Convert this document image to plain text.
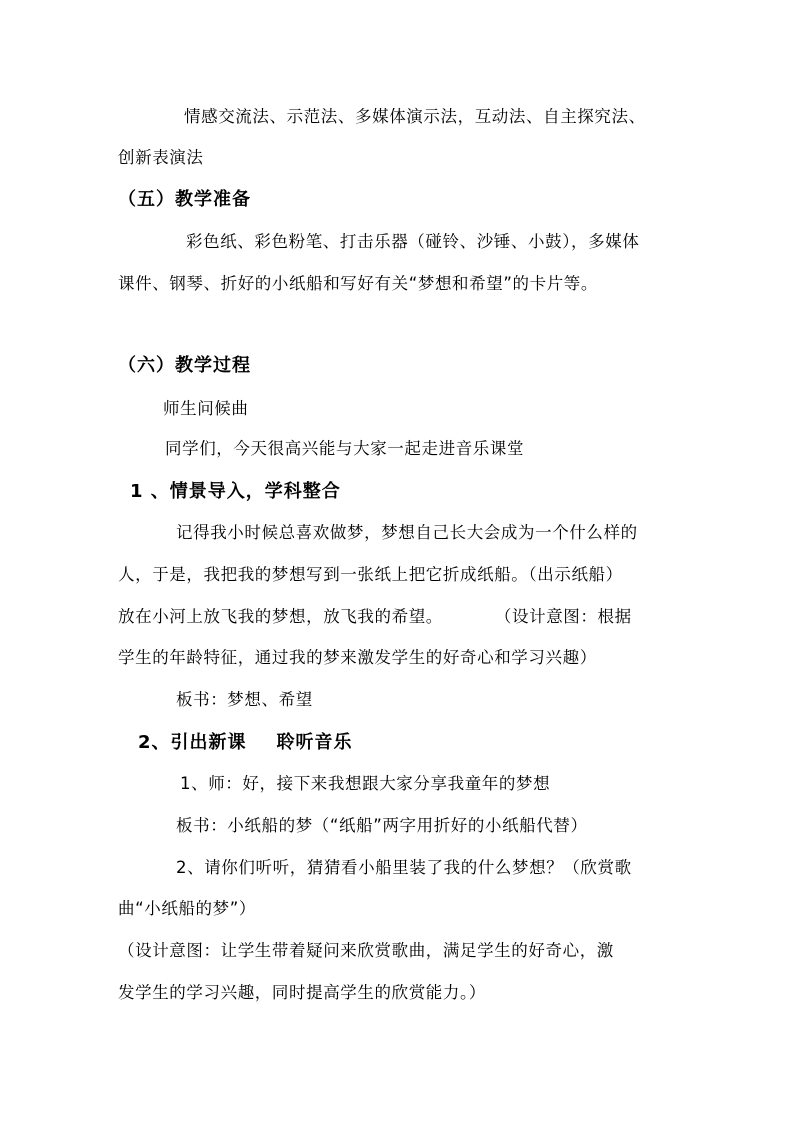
情感交流法、示范法、多媒体演示法，互动法、自主探究法、
创新表演法
（五）教学准备
彩色纸、彩色粉笔、打击乐器（碰铃、沙锤、小鼓），多媒体
课件、钢琴、折好的小纸船和写好有关“梦想和希望”的卡片等。
（六）教学过程
师生问候曲
同学们，今天很高兴能与大家一起走进音乐课堂
1 、情景导入，学科整合
记得我小时候总喜欢做梦，梦想自己长大会成为一个什么样的
人，于是，我把我的梦想写到一张纸上把它折成纸船。（出示纸船）
放在小河上放飞我的梦想，放飞我的希望。	（设计意图：根据
学生的年龄特征，通过我的梦来激发学生的好奇心和学习兴趣）
板书：梦想、希望
2、引出新课 聆听音乐
1、师：好，接下来我想跟大家分享我童年的梦想
板书：小纸船的梦（“纸船”两字用折好的小纸船代替）
2、请你们听听，猜猜看小船里装了我的什么梦想？（欣赏歌
曲“小纸船的梦”）
（设计意图：让学生带着疑问来欣赏歌曲，满足学生的好奇心，激
发学生的学习兴趣，同时提高学生的欣赏能力。）
